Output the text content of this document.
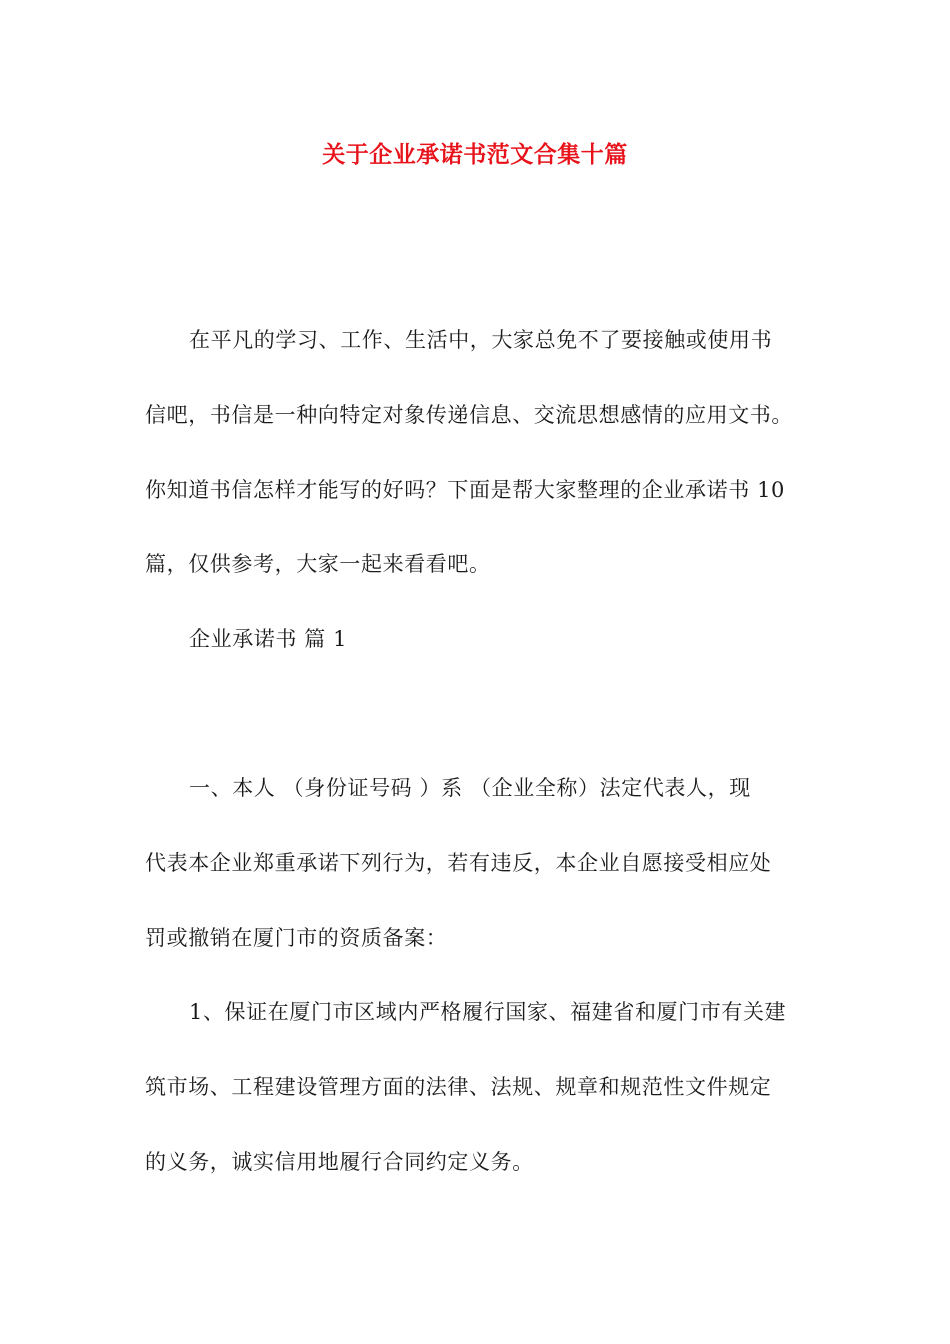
关于企业承诺书范文合集十篇
在平凡的学习、工作、生活中，大家总免不了要接触或使用书
信吧，书信是一种向特定对象传递信息、交流思想感情的应用文书。
你知道书信怎样才能写的好吗？下面是帮大家整理的企业承诺书 10
篇，仅供参考，大家一起来看看吧。
企业承诺书 篇 1
一、本人 （身份证号码 ）系 （企业全称）法定代表人，现
代表本企业郑重承诺下列行为，若有违反，本企业自愿接受相应处
罚或撤销在厦门市的资质备案：
1、保证在厦门市区域内严格履行国家、福建省和厦门市有关建
筑市场、工程建设管理方面的法律、法规、规章和规范性文件规定
的义务，诚实信用地履行合同约定义务。
